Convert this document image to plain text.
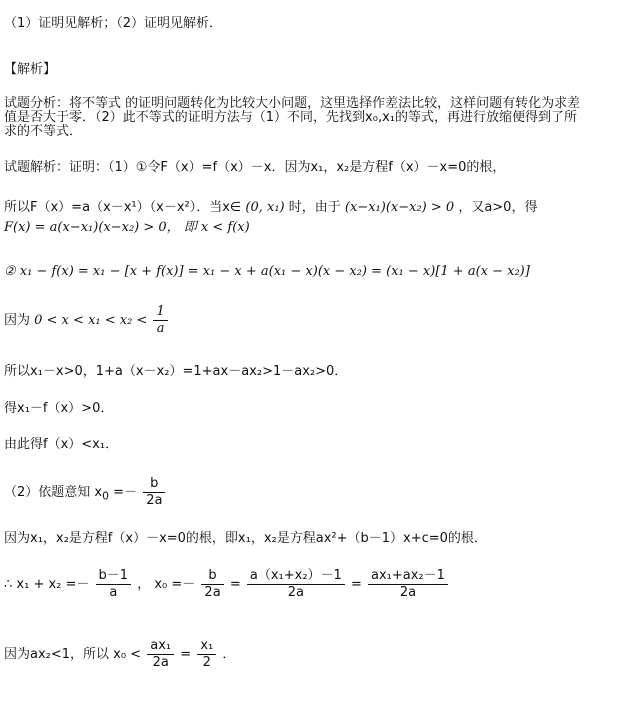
（1）证明见解析；（2）证明见解析．
【解析】
试题分析：将不等式 的证明问题转化为比较大小问题，这里选择作差法比较，这样问题有转化为求差
值是否大于零．（2）此不等式的证明方法与（1）不同，先找到x₀,x₁的等式，再进行放缩便得到了所
求的不等式．
试题解析：证明：（1）①令F（x）=f（x）－x．因为x₁，x₂是方程f（x）－x=0的根，
所以F（x）=a（x－x¹）（x－x²）．当x∈ (0, x₁) 时，由于 (x−x₁)(x−x₂) > 0 ，又a>0，得
F(x) = a(x−x₁)(x−x₂) > 0， 即 x < f(x)
② x₁ − f(x) = x₁ − [x + f(x)] = x₁ − x + a(x₁ − x)(x − x₂) = (x₁ − x)[1 + a(x − x₂)]
因为 $0 < x < x_1 < x_2 < \frac{1}{a}$
所以x₁－x>0，1+a（x－x₂）=1+ax－ax₂>1－ax₂>0．
得x₁－f（x）>0．
由此得f（x）<x₁．
（2）依题意知 $x_0 =- \frac{b}{2a}$
因为x₁，x₂是方程f（x）－x=0的根，即x₁，x₂是方程ax²+（b－1）x+c=0的根．
∴ $x_1 + x_2 =- \frac{b-1}{a}$ ， $x_0 =- \frac{b}{2a} = \frac{\text{a（x₁+x₂）－1}}{2a} = \frac{\text{ax₁+ax₂－1}}{2a}$
因为ax₂<1，所以 $x_0 < \frac{\text{ax₁}}{2a} = \frac{\text{x₁}}{2}$ ．
